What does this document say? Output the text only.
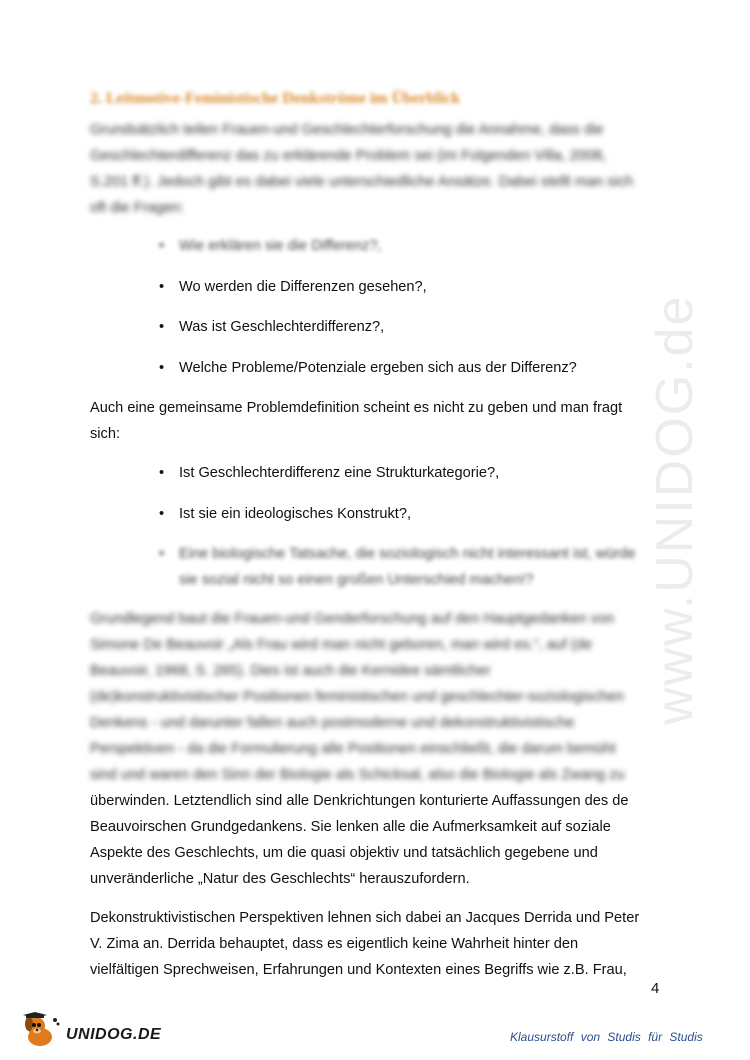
2. Leitmotive-Feministische Denkströme im Überblick

Grundsätzlich teilen Frauen-und Geschlechterforschung die Annahme, dass die
Geschlechterdifferenz das zu erklärende Problem sei (im Folgenden Villa, 2008,
S.201 ff.). Jedoch gibt es dabei viele unterschiedliche Ansätze. Dabei stellt man sich
oft die Fragen:

•	Wie erklären sie die Differenz?,
•	Wo werden die Differenzen gesehen?,
•	Was ist Geschlechterdifferenz?,
•	Welche Probleme/Potenziale ergeben sich aus der Differenz?

Auch eine gemeinsame Problemdefinition scheint es nicht zu geben und man fragt
sich:

•	Ist Geschlechterdifferenz eine Strukturkategorie?,
•	Ist sie ein ideologisches Konstrukt?,
•	Eine biologische Tatsache, die soziologisch nicht interessant ist, würde
sie sozial nicht so einen großen Unterschied machen!?

Grundlegend baut die Frauen-und Genderforschung auf den Hauptgedanken von
Simone De Beauvoir „Als Frau wird man nicht geboren, man wird es.“, auf (de
Beauvoir, 1968, S. 265). Dies ist auch die Kernidee sämtlicher
(de)konstruktivistischer Positionen feministischen und geschlechter-soziologischen
Denkens - und darunter fallen auch postmoderne und dekonstruktivistische
Perspektiven - da die Formulierung alle Positionen einschließt, die darum bemüht
sind und waren den Sinn der Biologie als Schicksal, also die Biologie als Zwang zu

überwinden. Letztendlich sind alle Denkrichtungen konturierte Auffassungen des de
Beauvoirschen Grundgedankens. Sie lenken alle die Aufmerksamkeit auf soziale
Aspekte des Geschlechts, um die quasi objektiv und tatsächlich gegebene und
unveränderliche „Natur des Geschlechts“ herauszufordern.

Dekonstruktivistischen Perspektiven lehnen sich dabei an Jacques Derrida und Peter
V. Zima an. Derrida behauptet, dass es eigentlich keine Wahrheit hinter den
vielfältigen Sprechweisen, Erfahrungen und Kontexten eines Begriffs wie z.B. Frau,

www.UNIDOG.de
4
UNIDOG.DE	Klausurstoff von Studis für Studis
